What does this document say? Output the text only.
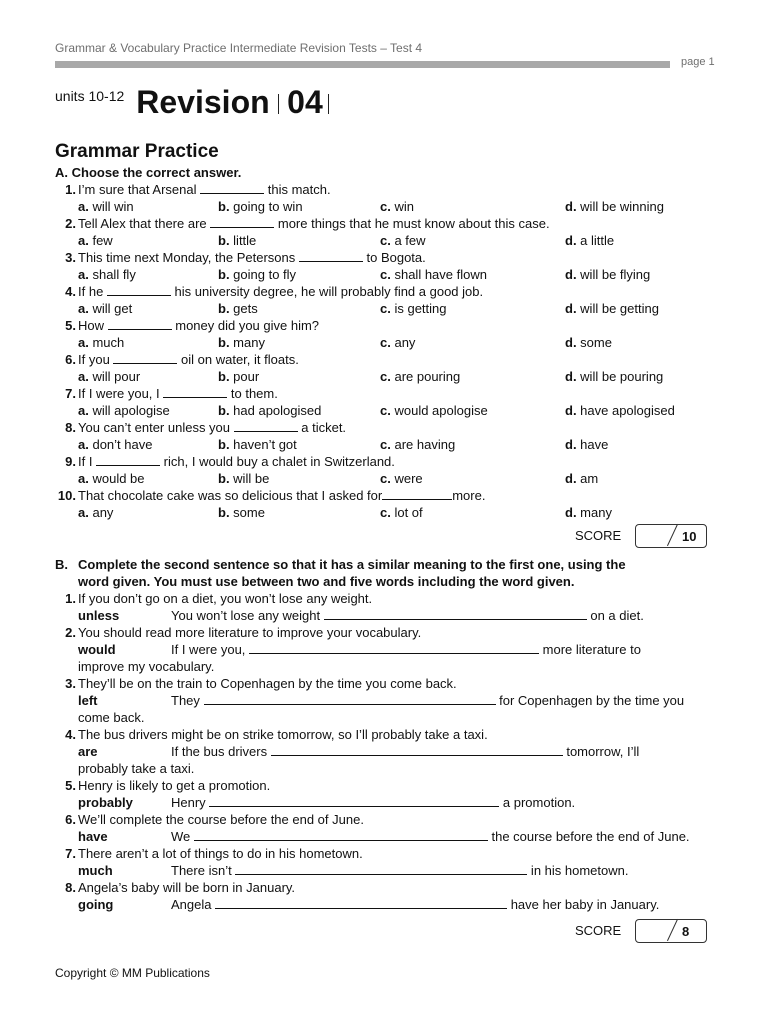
Grammar & Vocabulary Practice Intermediate Revision Tests – Test 4
page 1
units 10-12 Revision 04
Grammar Practice
A. Choose the correct answer.
1. I’m sure that Arsenal	this match.
a. will win	b. going to win	c. win	d. will be winning
2. Tell Alex that there are	more things that he must know about this case.
a. few	b. little	c. a few	d. a little
3. This time next Monday, the Petersons	to Bogota.
a. shall fly	b. going to fly	c. shall have flown	d. will be flying
4. If he	his university degree, he will probably find a good job.
a. will get	b. gets	c. is getting	d. will be getting
5. How	money did you give him?
a. much	b. many	c. any	d. some
6. If you	oil on water, it floats.
a. will pour	b. pour	c. are pouring	d. will be pouring
7. If I were you, I	to them.
a. will apologise	b. had apologised	c. would apologise	d. have apologised
8. You can’t enter unless you	a ticket.
a. don’t have	b. haven’t got	c. are having	d. have
9. If I	rich, I would buy a chalet in Switzerland.
a. would be	b. will be	c. were	d. am
10. That chocolate cake was so delicious that I asked for	more.
a. any	b. some	c. lot of	d. many
SCORE	10
B. Complete the second sentence so that it has a similar meaning to the first one, using the
word given. You must use between two and five words including the word given.
1. If you don’t go on a diet, you won’t lose any weight.
unless	You won’t lose any weight	on a diet.
2. You should read more literature to improve your vocabulary.
would	If I were you,	more literature to
improve my vocabulary.
3. They’ll be on the train to Copenhagen by the time you come back.
left	They	for Copenhagen by the time you
come back.
4. The bus drivers might be on strike tomorrow, so I’ll probably take a taxi.
are	If the bus drivers	tomorrow, I’ll
probably take a taxi.
5. Henry is likely to get a promotion.
probably	Henry	a promotion.
6. We’ll complete the course before the end of June.
have	We	the course before the end of June.
7. There aren’t a lot of things to do in his hometown.
much	There isn’t	in his hometown.
8. Angela’s baby will be born in January.
going	Angela	have her baby in January.
SCORE	8
Copyright © MM Publications
